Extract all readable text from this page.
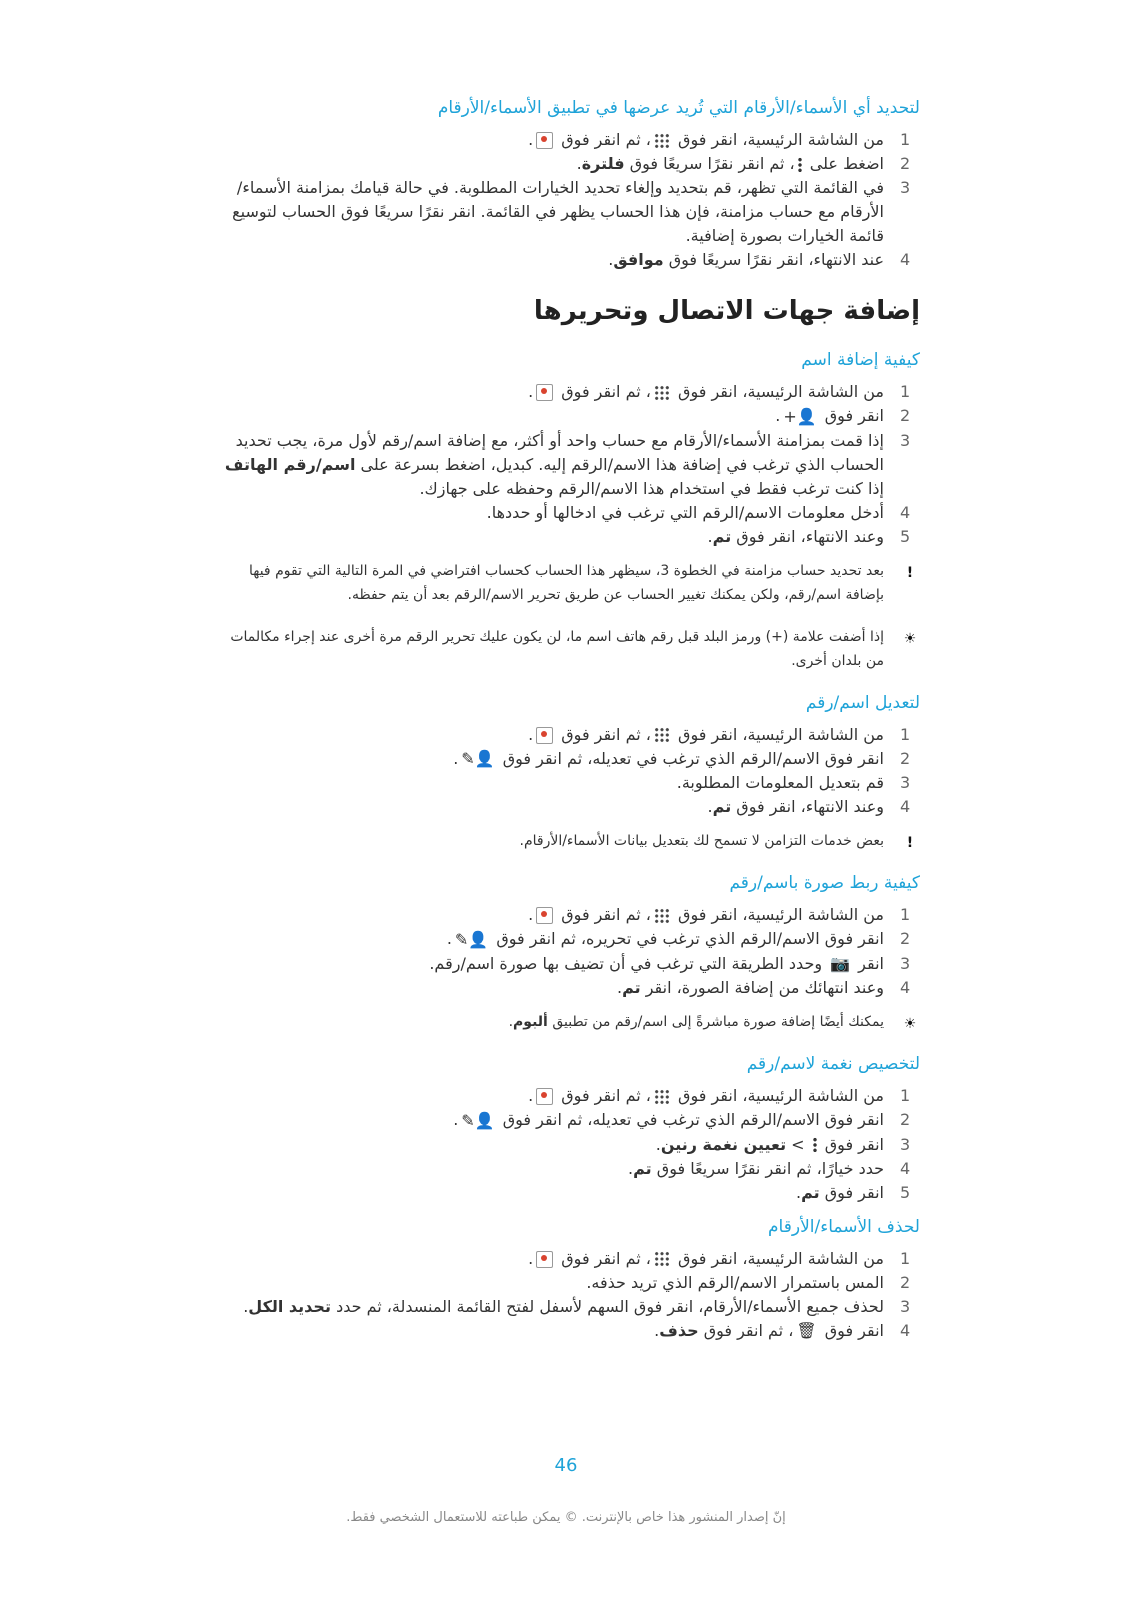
لتحديد أي الأسماء/الأرقام التي تُريد عرضها في تطبيق الأسماء/الأرقام
1
من الشاشة الرئيسية، انقر فوق ، ثم انقر فوق .
2
اضغط على ، ثم انقر نقرًا سريعًا فوق فلترة.
3
في القائمة التي تظهر، قم بتحديد وإلغاء تحديد الخيارات المطلوبة. في حالة قيامك بمزامنة الأسماء/الأرقام مع حساب مزامنة، فإن هذا الحساب يظهر في القائمة. انقر نقرًا سريعًا فوق الحساب لتوسيع قائمة الخيارات بصورة إضافية.
4
عند الانتهاء، انقر نقرًا سريعًا فوق موافق.
إضافة جهات الاتصال وتحريرها
كيفية إضافة اسم
1
من الشاشة الرئيسية، انقر فوق ، ثم انقر فوق .
2
انقر فوق 👤+.
3
إذا قمت بمزامنة الأسماء/الأرقام مع حساب واحد أو أكثر، مع إضافة اسم/رقم لأول مرة، يجب تحديد الحساب الذي ترغب في إضافة هذا الاسم/الرقم إليه. كبديل، اضغط بسرعة على اسم/رقم الهاتف إذا كنت ترغب فقط في استخدام هذا الاسم/الرقم وحفظه على جهازك.
4
أدخل معلومات الاسم/الرقم التي ترغب في ادخالها أو حددها.
5
وعند الانتهاء، انقر فوق تم.
!
بعد تحديد حساب مزامنة في الخطوة 3، سيظهر هذا الحساب كحساب افتراضي في المرة التالية التي تقوم فيها بإضافة اسم/رقم، ولكن يمكنك تغيير الحساب عن طريق تحرير الاسم/الرقم بعد أن يتم حفظه.
☀
إذا أضفت علامة (+) ورمز البلد قبل رقم هاتف اسم ما، لن يكون عليك تحرير الرقم مرة أخرى عند إجراء مكالمات من بلدان أخرى.
لتعديل اسم/رقم
1
من الشاشة الرئيسية، انقر فوق ، ثم انقر فوق .
2
انقر فوق الاسم/الرقم الذي ترغب في تعديله، ثم انقر فوق 👤✎.
3
قم بتعديل المعلومات المطلوبة.
4
وعند الانتهاء، انقر فوق تم.
!
بعض خدمات التزامن لا تسمح لك بتعديل بيانات الأسماء/الأرقام.
كيفية ربط صورة باسم/رقم
1
من الشاشة الرئيسية، انقر فوق ، ثم انقر فوق .
2
انقر فوق الاسم/الرقم الذي ترغب في تحريره، ثم انقر فوق 👤✎.
3
انقر 📷 وحدد الطريقة التي ترغب في أن تضيف بها صورة اسم/رقم.
4
وعند انتهائك من إضافة الصورة، انقر تم.
☀
يمكنك أيضًا إضافة صورة مباشرةً إلى اسم/رقم من تطبيق ألبوم.
لتخصيص نغمة لاسم/رقم
1
من الشاشة الرئيسية، انقر فوق ، ثم انقر فوق .
2
انقر فوق الاسم/الرقم الذي ترغب في تعديله، ثم انقر فوق 👤✎.
3
انقر فوق  > تعيين نغمة رنين.
4
حدد خيارًا، ثم انقر نقرًا سريعًا فوق تم.
5
انقر فوق تم.
لحذف الأسماء/الأرقام
1
من الشاشة الرئيسية، انقر فوق ، ثم انقر فوق .
2
المس باستمرار الاسم/الرقم الذي تريد حذفه.
3
لحذف جميع الأسماء/الأرقام، انقر فوق السهم لأسفل لفتح القائمة المنسدلة، ثم حدد تحديد الكل.
4
انقر فوق 🗑، ثم انقر فوق حذف.
46
إنّ إصدار المنشور هذا خاص بالإنترنت. © يمكن طباعته للاستعمال الشخصي فقط.
